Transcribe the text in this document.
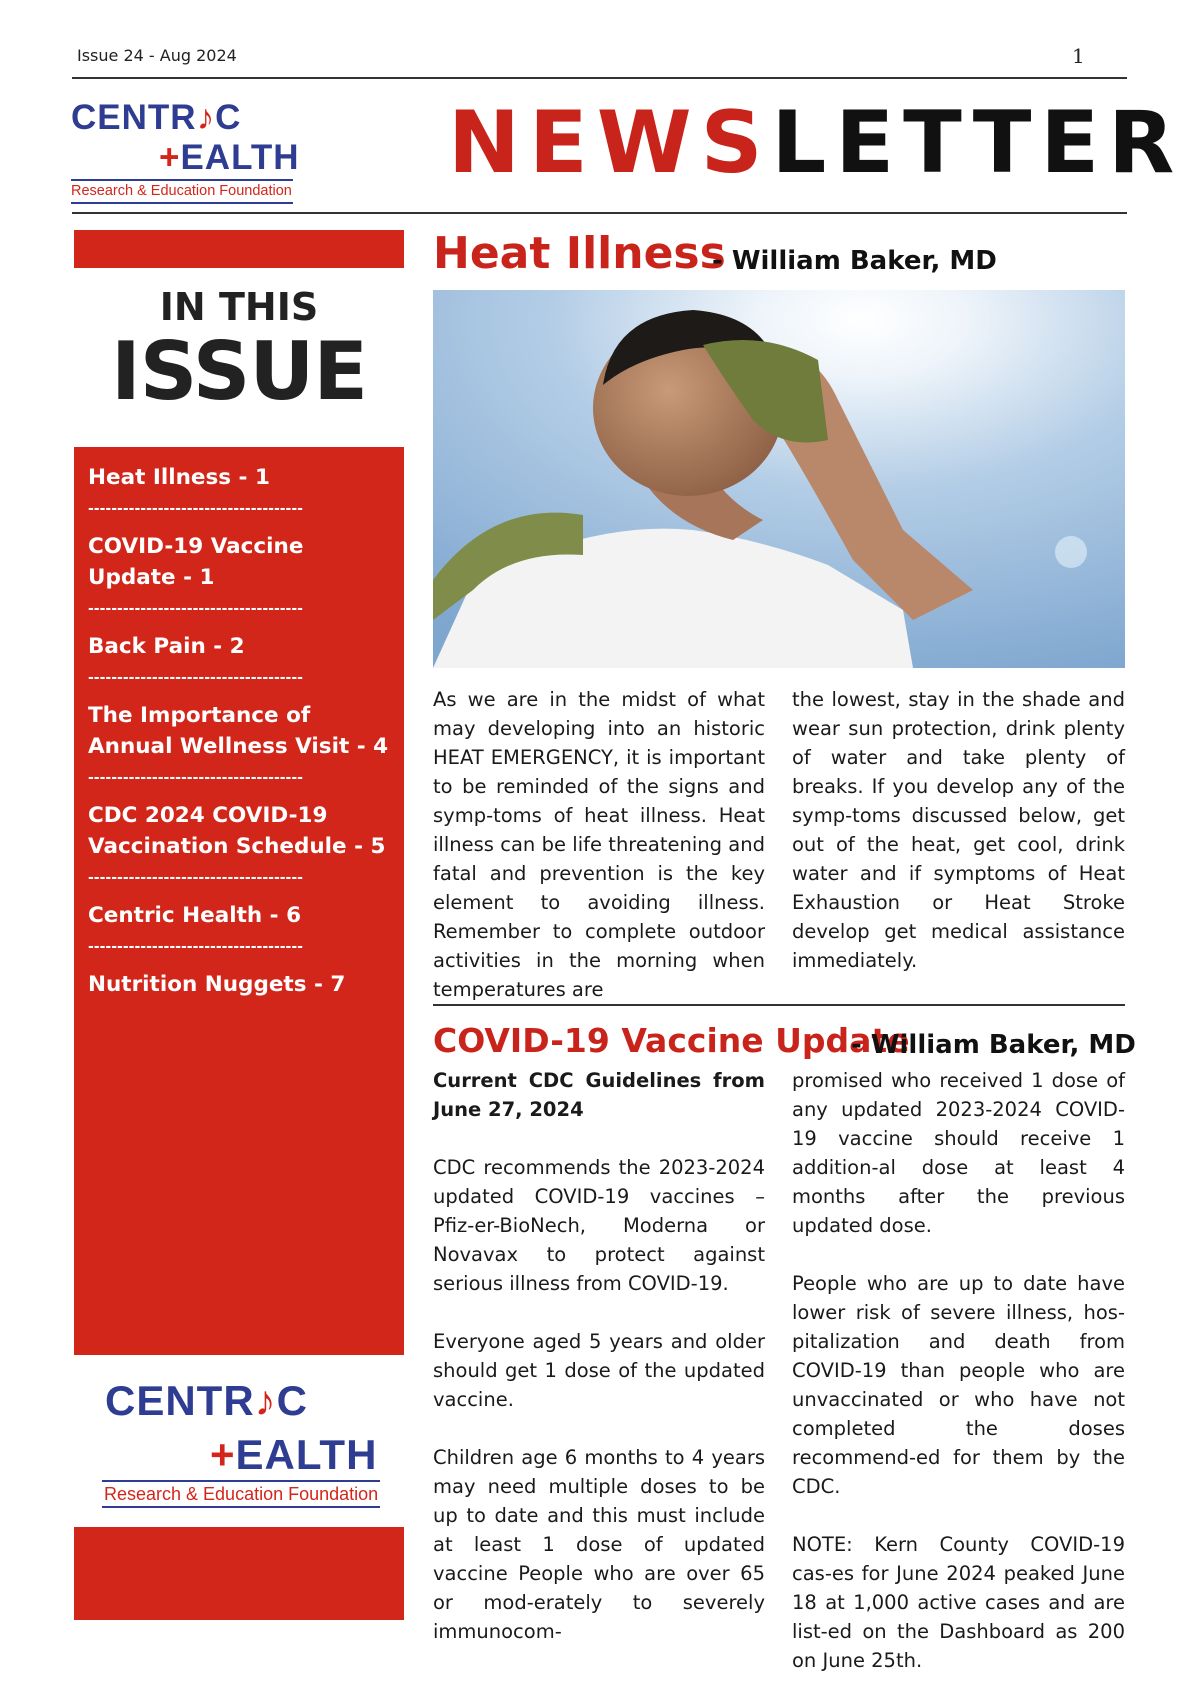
Issue 24 - Aug 2024	1
CENTR♪C
+EALTH
Research & Education Foundation NEWSLETTER
IN THIS
ISSUE
Heat Illness - 1
-------------------------------------
COVID-19 Vaccine Update - 1
-------------------------------------
Back Pain - 2
-------------------------------------
The Importance of Annual Wellness Visit - 4
-------------------------------------
CDC 2024 COVID-19 Vaccination Schedule - 5
-------------------------------------
Centric Health - 6
-------------------------------------
Nutrition Nuggets - 7
CENTR♪C
+EALTH
Research & Education Foundation
Heat Illness
- William Baker, MD

As we are in the midst of what may developing into an historic HEAT EMERGENCY, it is important to be reminded of the signs and symp-toms of heat illness. Heat illness can be life threatening and fatal and prevention is the key element to avoiding illness. Remember to complete outdoor activities in the morning when temperatures are

the lowest, stay in the shade and wear sun protection, drink plenty of water and take plenty of breaks. If you develop any of the symp-toms discussed below, get out of the heat, get cool, drink water and if symptoms of Heat Exhaustion or Heat Stroke develop get medical assistance immediately.

COVID-19 Vaccine Update
- William Baker, MD

Current CDC Guidelines from June 27, 2024

CDC recommends the 2023-2024 updated COVID-19 vaccines – Pfiz-er-BioNech, Moderna or Novavax to protect against serious illness from COVID-19.

Everyone aged 5 years and older should get 1 dose of the updated vaccine.

Children age 6 months to 4 years may need multiple doses to be up to date and this must include at least 1 dose of updated vaccine People who are over 65 or mod-erately to severely immunocom-

promised who received 1 dose of any updated 2023-2024 COVID-19 vaccine should receive 1 addition-al dose at least 4 months after the previous updated dose.

People who are up to date have lower risk of severe illness, hos-pitalization and death from COVID-19 than people who are unvaccinated or who have not completed the doses recommend-ed for them by the CDC.

NOTE: Kern County COVID-19 cas-es for June 2024 peaked June 18 at 1,000 active cases and are list-ed on the Dashboard as 200 on June 25th.
